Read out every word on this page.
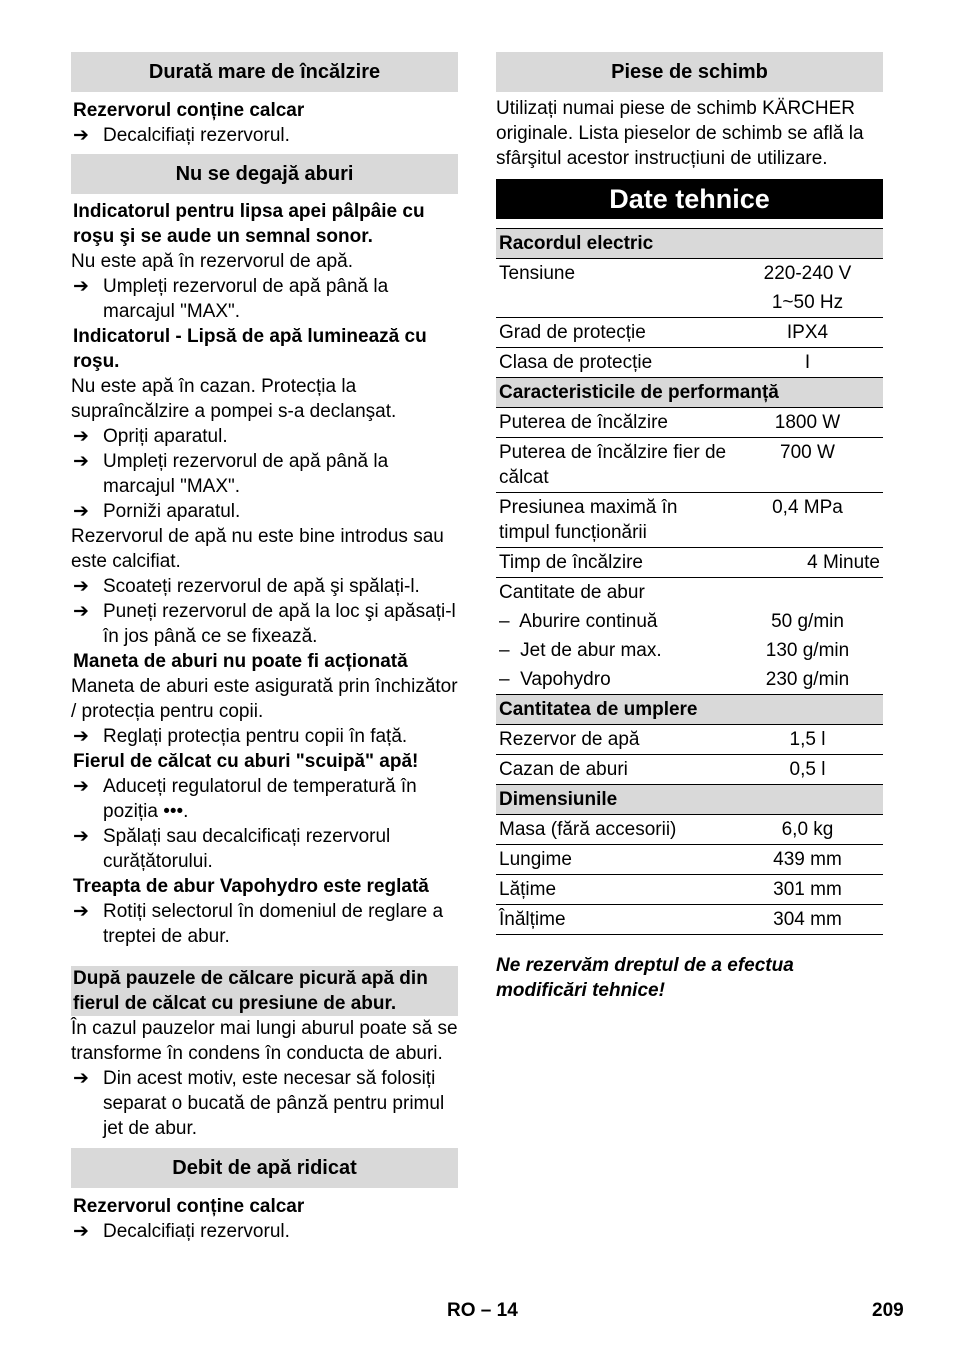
Durată mare de încălzire
Rezervorul conține calcar
➔ Decalcifiați rezervorul.
Nu se degajă aburi
Indicatorul pentru lipsa apei pâlpâie cu roşu şi se aude un semnal sonor.
Nu este apă în rezervorul de apă.
➔ Umpleți rezervorul de apă până la marcajul "MAX".
Indicatorul - Lipsă de apă luminează cu roşu.
Nu este apă în cazan. Protecția la supraîncălzire a pompei s-a declanşat.
➔ Opriți aparatul.
➔ Umpleți rezervorul de apă până la marcajul "MAX".
➔ Porniži aparatul.
Rezervorul de apă nu este bine introdus sau este calcifiat.
➔ Scoateți rezervorul de apă şi spălați-l.
➔ Puneți rezervorul de apă la loc şi apăsați-l în jos până ce se fixează.
Maneta de aburi nu poate fi acționată
Maneta de aburi este asigurată prin închizător / protecția pentru copii.
➔ Reglați protecția pentru copii în față.
Fierul de călcat cu aburi "scuipă" apă!
➔ Aduceți regulatorul de temperatură în poziția •••.
➔ Spălați sau decalcificați rezervorul curățătorului.
Treapta de abur Vapohydro este reglată
➔ Rotiți selectorul în domeniul de reglare a treptei de abur.
După pauzele de călcare picură apă din fierul de călcat cu presiune de abur.
În cazul pauzelor mai lungi aburul poate să se transforme în condens în conducta de aburi.
➔ Din acest motiv, este necesar să folosiți separat o bucată de pânză pentru primul jet de abur.
Debit de apă ridicat
Rezervorul conține calcar
➔ Decalcifiați rezervorul.
Piese de schimb
Utilizați numai piese de schimb KÄRCHER originale. Lista pieselor de schimb se află la sfârşitul acestor instrucțiuni de utilizare.
Date tehnice
Racordul electric	
Tensiune	220-240 V
	1~50 Hz
Grad de protecție	IPX4
Clasa de protecție	I
Caracteristicile de performanță	
Puterea de încălzire	1800 W
Puterea de încălzire fier de călcat	700 W
Presiunea maximă în timpul funcționării	0,4 MPa
Timp de încălzire	4 Minute
Cantitate de abur	
– Aburire continuă	50 g/min
– Jet de abur max.	130 g/min
– Vapohydro	230 g/min
Cantitatea de umplere	
Rezervor de apă	1,5 l
Cazan de aburi	0,5 l
Dimensiunile	
Masa (fără accesorii)	6,0 kg
Lungime	439 mm
Lățime	301 mm
Înălțime	304 mm
Ne rezervăm dreptul de a efectua modificări tehnice!
RO – 14	209
